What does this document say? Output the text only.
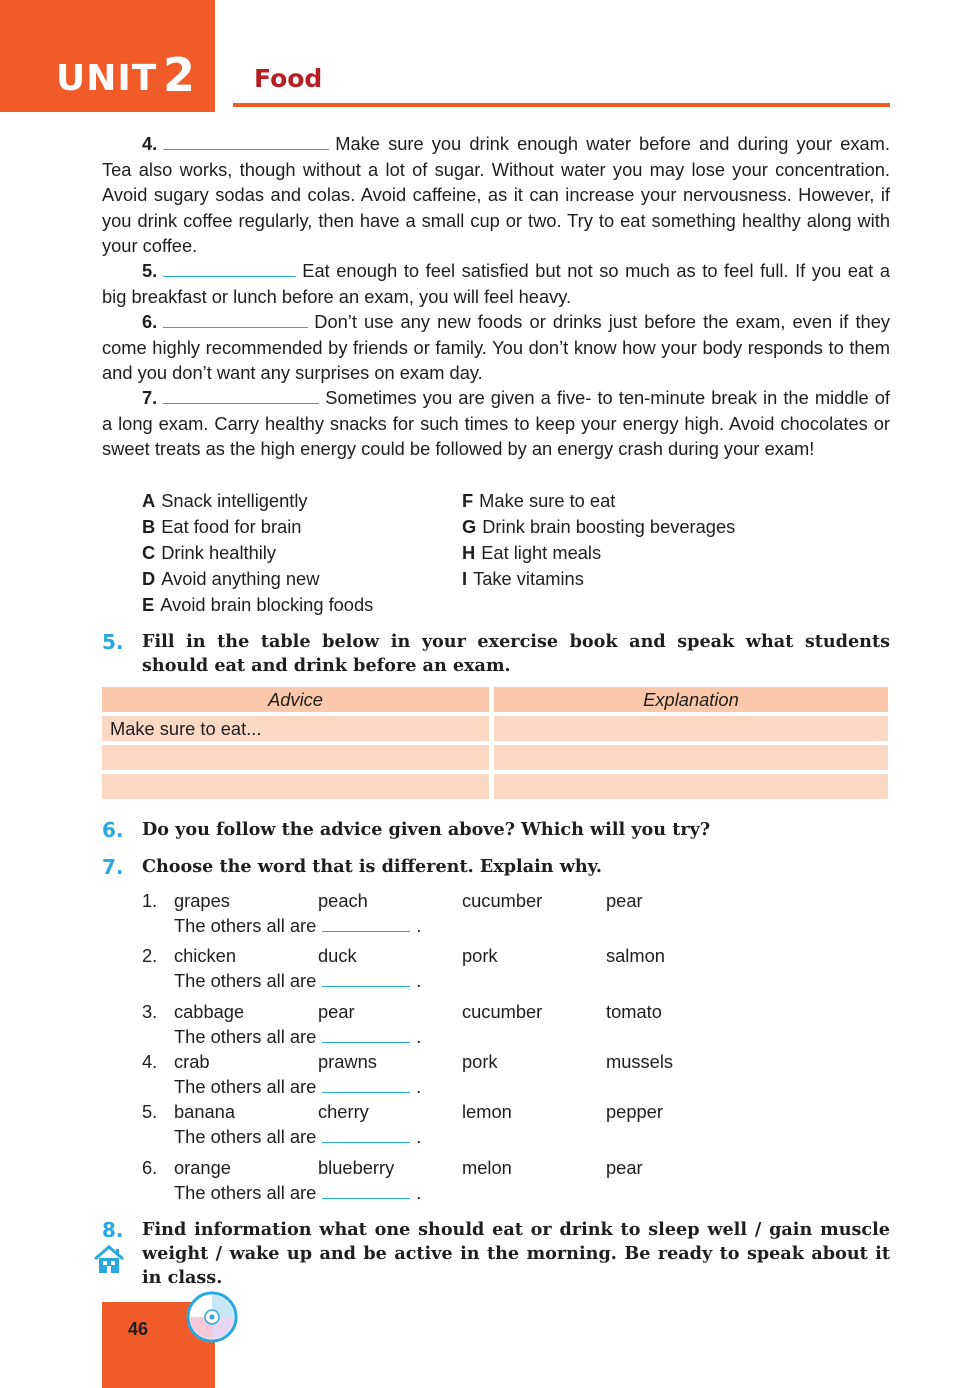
UNIT 2 Food
4.	Make sure you drink enough water before and during your exam. Tea also works, though without a lot of sugar. Without water you may lose your concentration. Avoid sugary sodas and colas. Avoid caffeine, as it can increase your nervousness. However, if you drink coffee regularly, then have a small cup or two. Try to eat something healthy along with your coffee.
5.	Eat enough to feel satisfied but not so much as to feel full. If you eat a big breakfast or lunch before an exam, you will feel heavy.
6.	Don’t use any new foods or drinks just before the exam, even if they come highly recommended by friends or family. You don’t know how your body responds to them and you don’t want any surprises on exam day.
7.	Sometimes you are given a five- to ten-minute break in the middle of a long exam. Carry healthy snacks for such times to keep your energy high. Avoid chocolates or sweet treats as the high energy could be followed by an energy crash during your exam!
A Snack intelligently
B Eat food for brain
C Drink healthily
D Avoid anything new
E Avoid brain blocking foods
F Make sure to eat
G Drink brain boosting beverages
H Eat light meals
I Take vitamins
5. Fill in the table below in your exercise book and speak what students should eat and drink before an exam.
Advice	Explanation
Make sure to eat...
6. Do you follow the advice given above? Which will you try?
7. Choose the word that is different. Explain why.
1. grapes	peach	cucumber	pear
The others all are	.
2. chicken	duck	pork	salmon
The others all are	.
3. cabbage	pear	cucumber	tomato
The others all are	.
4. crab	prawns	pork	mussels
The others all are	.
5. banana	cherry	lemon	pepper
The others all are	.
6. orange	blueberry	melon	pear
The others all are	.
8. Find information what one should eat or drink to sleep well / gain muscle weight / wake up and be active in the morning. Be ready to speak about it in class.
46
